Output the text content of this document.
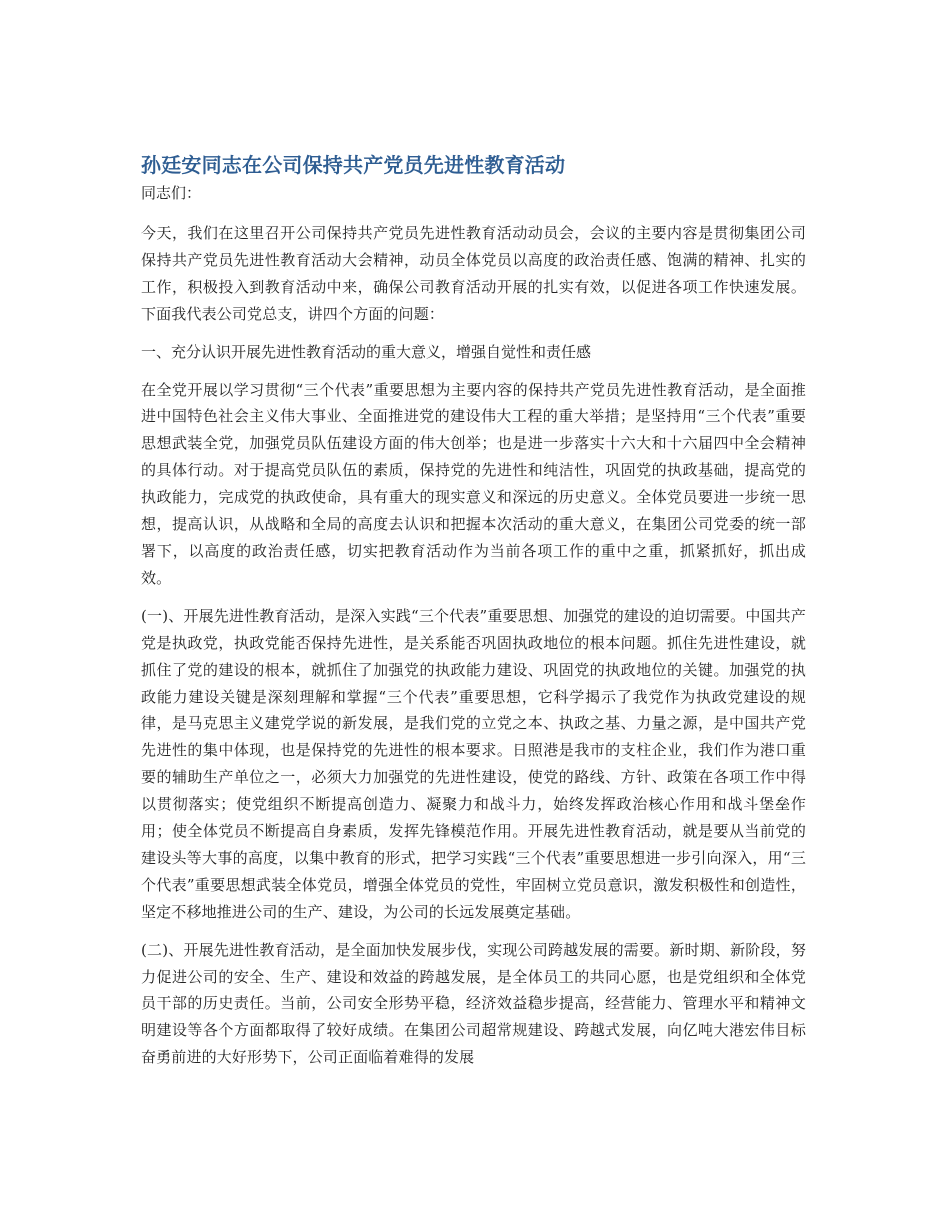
孙廷安同志在公司保持共产党员先进性教育活动

同志们：

今天，我们在这里召开公司保持共产党员先进性教育活动动员会，会议的主要内容是贯彻集团公司保持共产党员先进性教育活动大会精神，动员全体党员以高度的政治责任感、饱满的精神、扎实的工作，积极投入到教育活动中来，确保公司教育活动开展的扎实有效，以促进各项工作快速发展。下面我代表公司党总支，讲四个方面的问题：

一、充分认识开展先进性教育活动的重大意义，增强自觉性和责任感

在全党开展以学习贯彻“三个代表”重要思想为主要内容的保持共产党员先进性教育活动，是全面推进中国特色社会主义伟大事业、全面推进党的建设伟大工程的重大举措；是坚持用“三个代表”重要思想武装全党，加强党员队伍建设方面的伟大创举；也是进一步落实十六大和十六届四中全会精神的具体行动。对于提高党员队伍的素质，保持党的先进性和纯洁性，巩固党的执政基础，提高党的执政能力，完成党的执政使命，具有重大的现实意义和深远的历史意义。全体党员要进一步统一思想，提高认识，从战略和全局的高度去认识和把握本次活动的重大意义，在集团公司党委的统一部署下，以高度的政治责任感，切实把教育活动作为当前各项工作的重中之重，抓紧抓好，抓出成效。

(一)、开展先进性教育活动，是深入实践“三个代表”重要思想、加强党的建设的迫切需要。中国共产党是执政党，执政党能否保持先进性，是关系能否巩固执政地位的根本问题。抓住先进性建设，就抓住了党的建设的根本，就抓住了加强党的执政能力建设、巩固党的执政地位的关键。加强党的执政能力建设关键是深刻理解和掌握“三个代表”重要思想，它科学揭示了我党作为执政党建设的规律，是马克思主义建党学说的新发展，是我们党的立党之本、执政之基、力量之源，是中国共产党先进性的集中体现，也是保持党的先进性的根本要求。日照港是我市的支柱企业，我们作为港口重要的辅助生产单位之一，必须大力加强党的先进性建设，使党的路线、方针、政策在各项工作中得以贯彻落实；使党组织不断提高创造力、凝聚力和战斗力，始终发挥政治核心作用和战斗堡垒作用；使全体党员不断提高自身素质，发挥先锋模范作用。开展先进性教育活动，就是要从当前党的建设头等大事的高度，以集中教育的形式，把学习实践“三个代表”重要思想进一步引向深入，用“三个代表”重要思想武装全体党员，增强全体党员的党性，牢固树立党员意识，激发积极性和创造性，坚定不移地推进公司的生产、建设，为公司的长远发展奠定基础。

(二)、开展先进性教育活动，是全面加快发展步伐，实现公司跨越发展的需要。新时期、新阶段，努力促进公司的安全、生产、建设和效益的跨越发展，是全体员工的共同心愿，也是党组织和全体党员干部的历史责任。当前，公司安全形势平稳，经济效益稳步提高，经营能力、管理水平和精神文明建设等各个方面都取得了较好成绩。在集团公司超常规建设、跨越式发展，向亿吨大港宏伟目标奋勇前进的大好形势下，公司正面临着难得的发展
